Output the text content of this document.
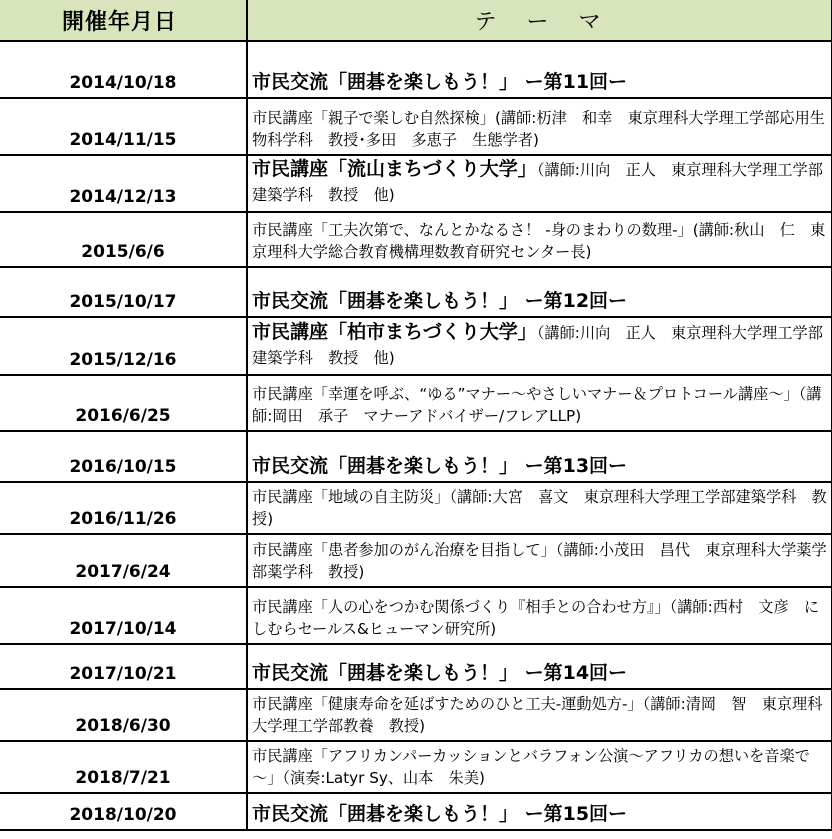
開催年月日	テ　ー　マ
2014/10/18	市民交流「囲碁を楽しもう！」 ー第11回ー

2014/11/15	市民講座「親子で楽しむ自然探検」(講師:杤津　和幸　東京理科大学理工学部応用生物科学科　教授･多田　多恵子　生態学者)

2014/12/13	市民講座「流山まちづくり大学」（講師:川向　正人　東京理科大学理工学部建築学科　教授　他)

2015/6/6	市民講座「工夫次第で、なんとかなるさ！ -身のまわりの数理-」(講師:秋山　仁　東京理科大学総合教育機構理数教育研究センター長)

2015/10/17	市民交流「囲碁を楽しもう！」 ー第12回ー

2015/12/16	市民講座「柏市まちづくり大学」（講師:川向　正人　東京理科大学理工学部建築学科　教授　他)

2016/6/25	市民講座「幸運を呼ぶ、“ゆる”マナー～やさしいマナー＆プロトコール講座～」（講師:岡田　承子　マナーアドバイザー/フレアLLP)

2016/10/15	市民交流「囲碁を楽しもう！」 ー第13回ー

2016/11/26	市民講座「地域の自主防災」（講師:大宮　喜文　東京理科大学理工学部建築学科　教授)

2017/6/24	市民講座「患者参加のがん治療を目指して」（講師:小茂田　昌代　東京理科大学薬学部薬学科　教授)

2017/10/14	市民講座「人の心をつかむ関係づくり『相手との合わせ方』」（講師:西村　文彦　にしむらセールス&ヒューマン研究所)

2017/10/21	市民交流「囲碁を楽しもう！」 ー第14回ー

2018/6/30	市民講座「健康寿命を延ばすためのひと工夫-運動処方-」（講師:清岡　智　東京理科大学理工学部教養　教授)

2018/7/21	市民講座「アフリカンパーカッションとバラフォン公演～アフリカの想いを音楽で～」（演奏:Latyr Sy、山本　朱美)

2018/10/20	市民交流「囲碁を楽しもう！」 ー第15回ー
